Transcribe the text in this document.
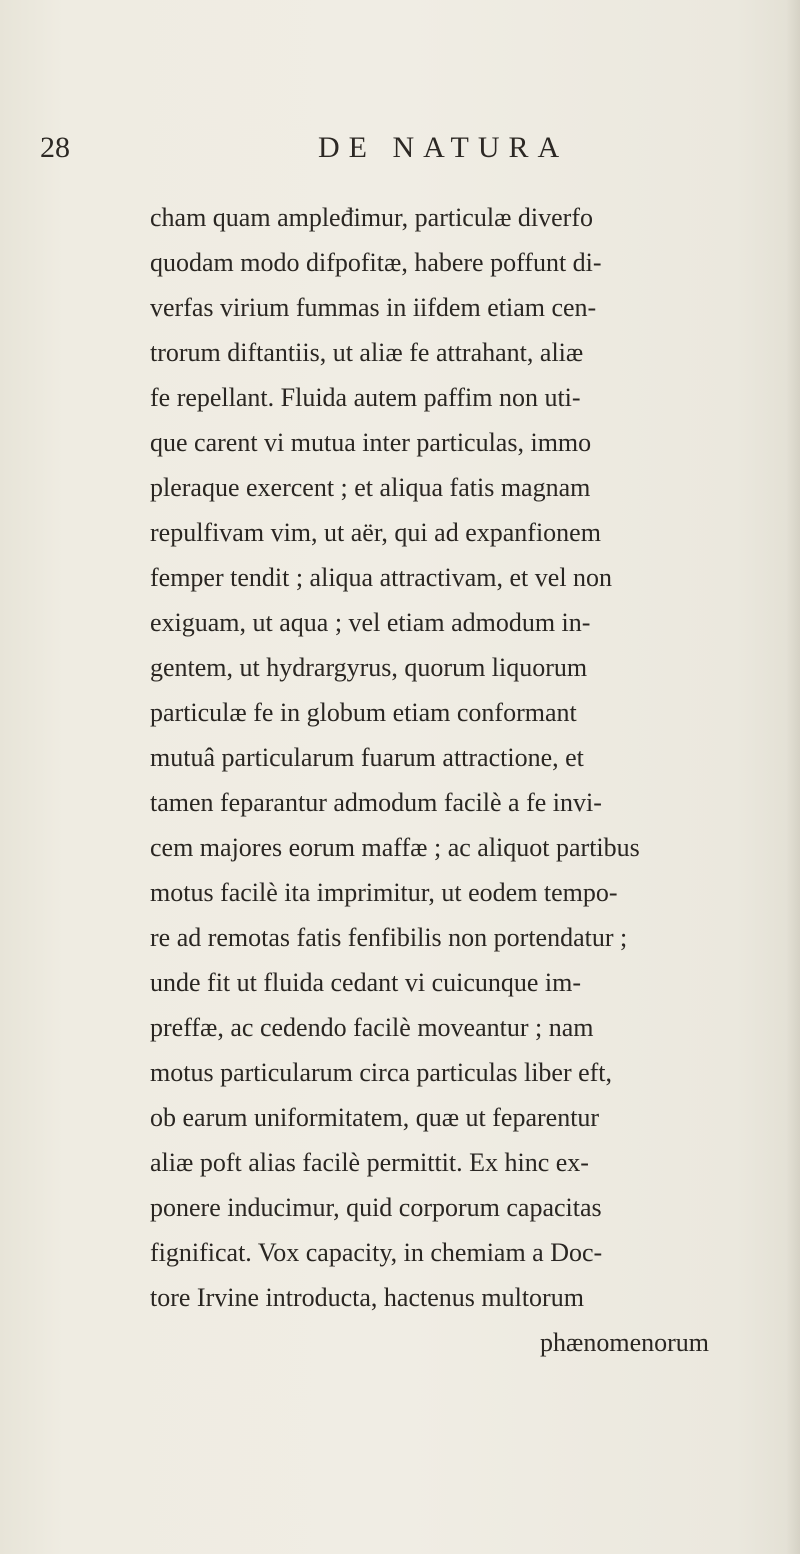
28	DE NATURA
cham quam ampleđimur, particulæ diverfo
quodam modo difpofitæ, habere poffunt di-
verfas virium fummas in iifdem etiam cen-
trorum diftantiis, ut aliæ fe attrahant, aliæ
fe repellant. Fluida autem paffim non uti-
que carent vi mutua inter particulas, immo
pleraque exercent ; et aliqua fatis magnam
repulfivam vim, ut aër, qui ad expanfionem
femper tendit ; aliqua attractivam, et vel non
exiguam, ut aqua ; vel etiam admodum in-
gentem, ut hydrargyrus, quorum liquorum
particulæ fe in globum etiam conformant
mutuâ particularum fuarum attractione, et
tamen feparantur admodum facilè a fe invi-
cem majores eorum maffæ ; ac aliquot partibus
motus facilè ita imprimitur, ut eodem tempo-
re ad remotas fatis fenfibilis non portendatur ;
unde fit ut fluida cedant vi cuicunque im-
preffæ, ac cedendo facilè moveantur ; nam
motus particularum circa particulas liber eft,
ob earum uniformitatem, quæ ut feparentur
aliæ poft alias facilè permittit. Ex hinc ex-
ponere inducimur, quid corporum capacitas
fignificat. Vox capacity, in chemiam a Doc-
tore Irvine introducta, hactenus multorum
phænomenorum
